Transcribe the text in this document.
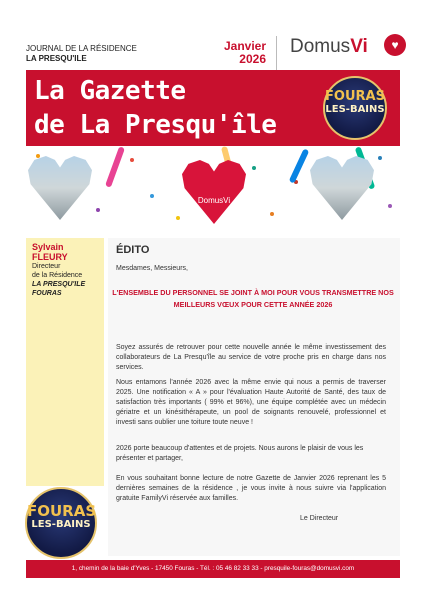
JOURNAL DE LA RÉSIDENCE
LA PRESQU'ILE
Janvier
2026
DomusVi	♥
La Gazette
de La Presqu'île
FOURAS
LES-BAINS
DomusVi
Sylvain
FLEURY
Directeur
de la Résidence
LA PRESQU'ILE FOURAS
ÉDITO
Mesdames, Messieurs,
L'ENSEMBLE DU PERSONNEL SE JOINT À MOI POUR VOUS TRANSMETTRE NOS MEILLEURS VŒUX POUR CETTE ANNÉE 2026
Soyez assurés de retrouver pour cette nouvelle année le même investissement des collaborateurs de La Presqu'île au service de votre proche pris en charge dans nos services.
Nous entamons l'année 2026 avec la même envie qui nous a permis de traverser 2025. Une notification « A » pour l'évaluation Haute Autorité de Santé, des taux de satisfaction très importants ( 99% et 96%), une équipe complétée avec un médecin gériatre et un kinésithérapeute, un pool de soignants renouvelé, professionnel et investi sans oublier une toiture toute neuve !
2026 porte beaucoup d'attentes et de projets. Nous aurons le plaisir de vous les présenter et partager,
En vous souhaitant bonne lecture de notre Gazette de Janvier 2026 reprenant les 5 dernières semaines de la résidence , je vous invite à nous suivre via l'application gratuite FamilyVi réservée aux familles.
Le Directeur
FOURAS
LES-BAINS
1, chemin de la baie d'Yves - 17450 Fouras - Tél. : 05 46 82 33 33 - presquile-fouras@domusvi.com
